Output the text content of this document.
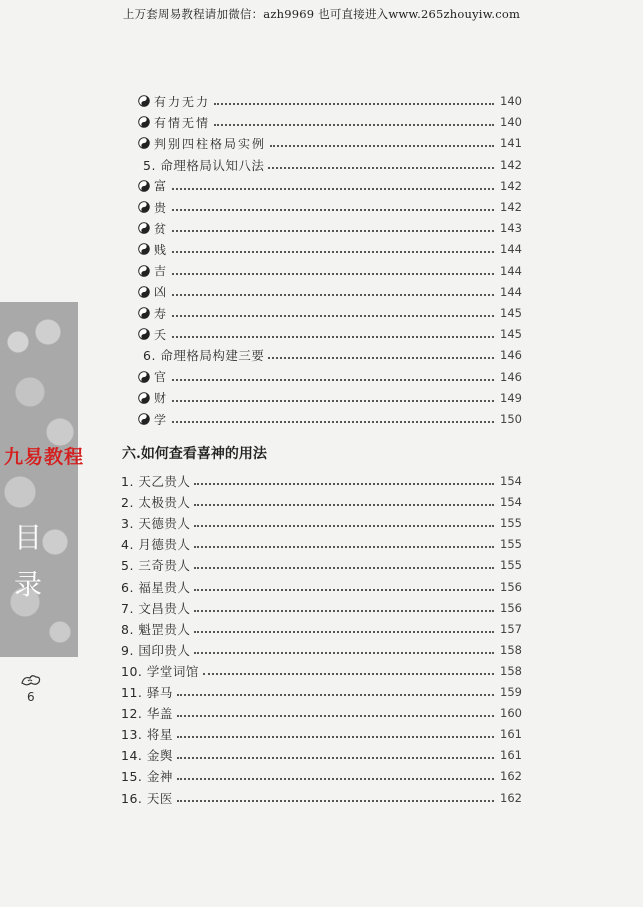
上万套周易教程请加微信：azh9969 也可直接进入www.265zhouyiw.com
九易教程
目
录
6
有力无力	140
有情无情	140
判别四柱格局实例	141
5. 命理格局认知八法	142
富	142
贵	142
贫	143
贱	144
吉	144
凶	144
寿	145
夭	145
6. 命理格局构建三要	146
官	146
财	149
学	150
六.如何查看喜神的用法
1. 天乙贵人	154
2. 太极贵人	154
3. 天德贵人	155
4. 月德贵人	155
5. 三奇贵人	155
6. 福星贵人	156
7. 文昌贵人	156
8. 魁罡贵人	157
9. 国印贵人	158
10. 学堂词馆	158
11. 驿马	159
12. 华盖	160
13. 将星	161
14. 金舆	161
15. 金神	162
16. 天医	162
